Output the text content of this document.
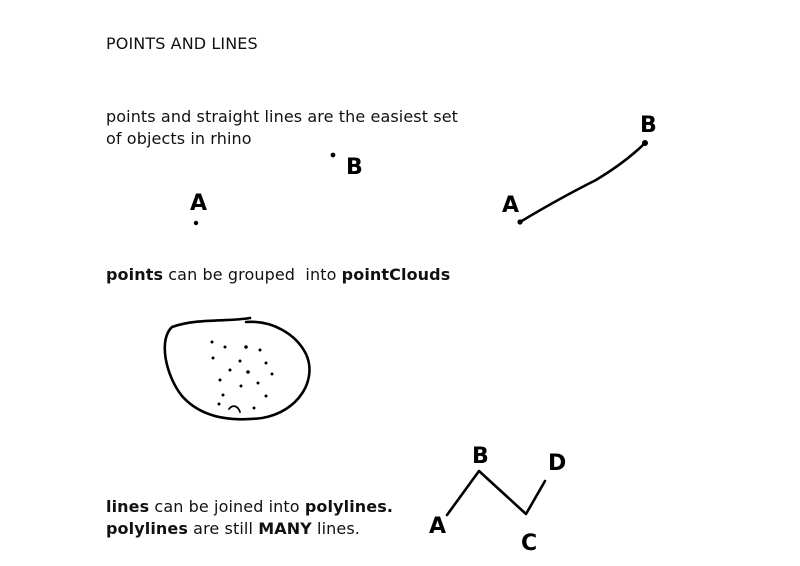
POINTS AND LINES
points and straight lines are the easiest set
of objects in rhino
points can be grouped  into pointClouds
lines can be joined into polylines.
polylines are still MANY lines.
A
B
A
B
A
B
C
D
